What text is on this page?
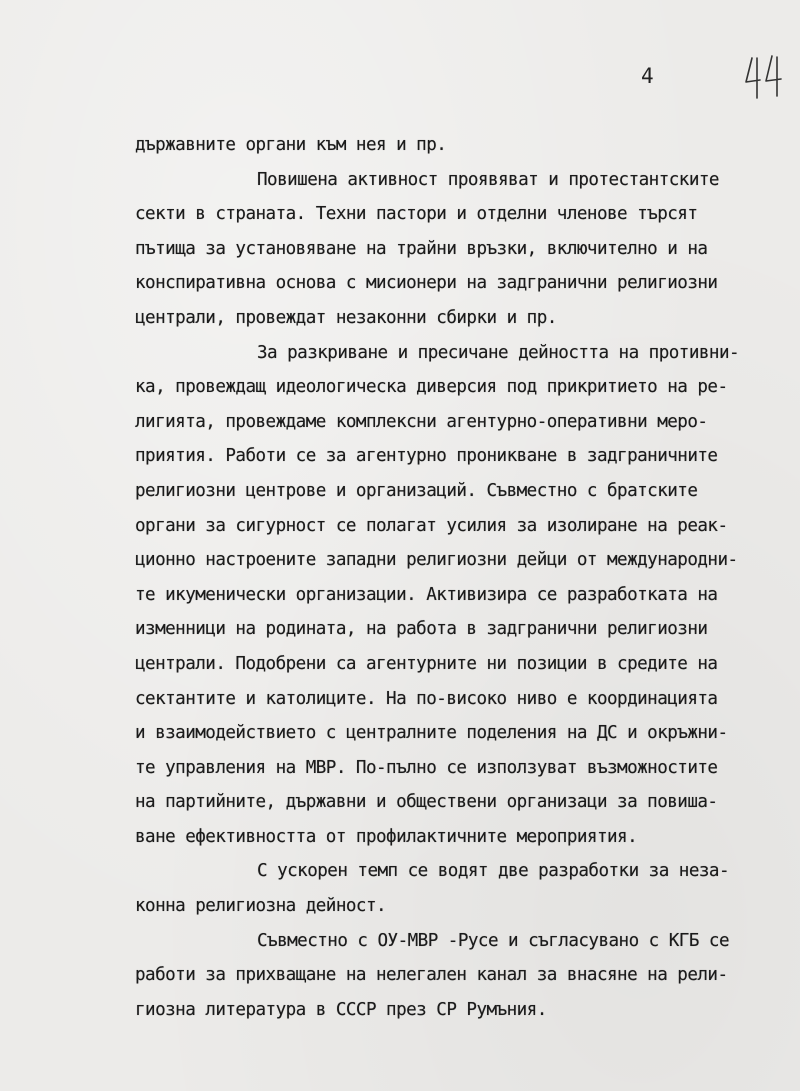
4
държавните органи към нея и пр.
Повишена активност проявяват и протестантските
секти в страната. Техни пастори и отделни членове търсят
пътища за установяване на трайни връзки, включително и на
конспиративна основа с мисионери на задгранични религиозни
централи, провеждат незаконни сбирки и пр.
За разкриване и пресичане дейността на противни-
ка, провеждащ идеологическа диверсия под прикритието на ре-
лигията, провеждаме комплексни агентурно-оперативни меро-
приятия. Работи се за агентурно проникване в задграничните
религиозни центрове и организаций. Съвместно с братските
органи за сигурност се полагат усилия за изолиране на реак-
ционно настроените западни религиозни дейци от международни-
те икуменически организации. Активизира се разработката на
изменници на родината, на работа в задгранични религиозни
централи. Подобрени са агентурните ни позиции в средите на
сектантите и католиците. На по-високо ниво е координацията
и взаимодействието с централните поделения на ДС и окръжни-
те управления на МВР. По-пълно се използуват възможностите
на партийните, държавни и обществени организаци за повиша-
ване ефективността от профилактичните мероприятия.
С ускорен темп се водят две разработки за неза-
конна религиозна дейност.
Съвместно с ОУ-МВР -Русе и съгласувано с КГБ се
работи за прихващане на нелегален канал за внасяне на рели-
гиозна литература в СССР през СР Румъния.
